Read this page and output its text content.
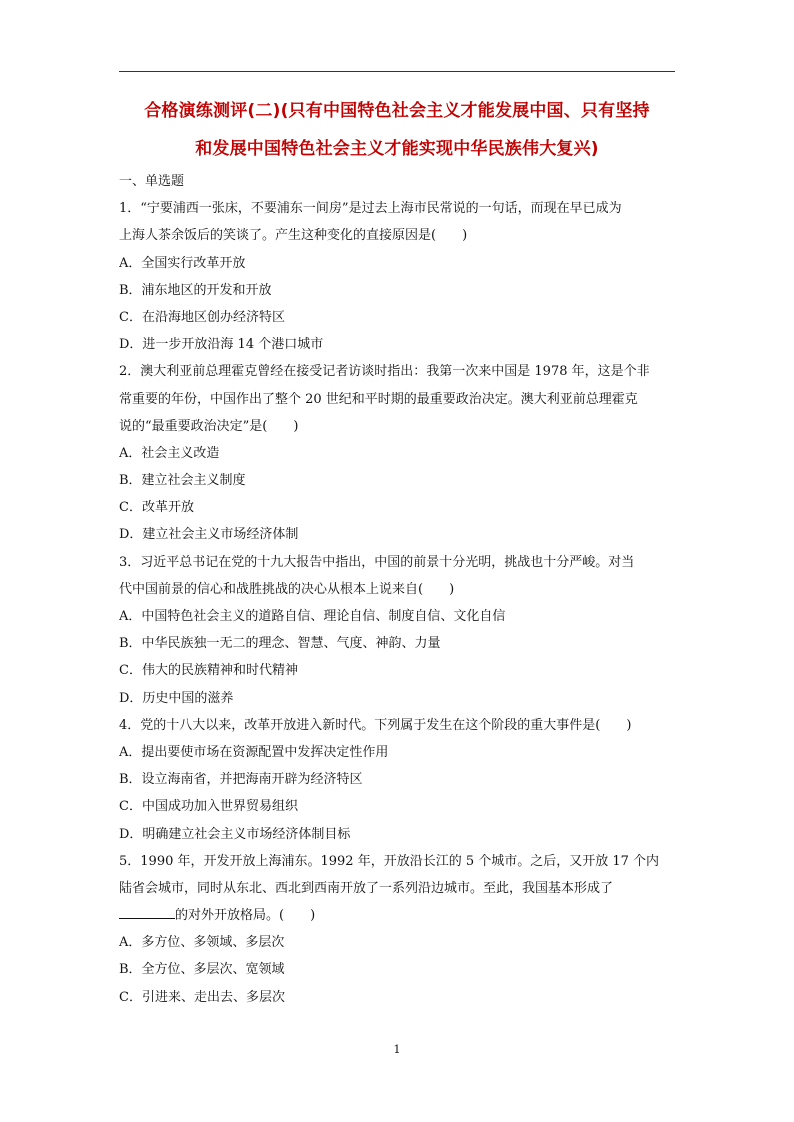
合格演练测评(二)(只有中国特色社会主义才能发展中国、只有坚持
和发展中国特色社会主义才能实现中华民族伟大复兴)
一、单选题
1．“宁要浦西一张床，不要浦东一间房”是过去上海市民常说的一句话，而现在早已成为
上海人茶余饭后的笑谈了。产生这种变化的直接原因是(　　)
A．全国实行改革开放
B．浦东地区的开发和开放
C．在沿海地区创办经济特区
D．进一步开放沿海 14 个港口城市
2．澳大利亚前总理霍克曾经在接受记者访谈时指出：我第一次来中国是 1978 年，这是个非
常重要的年份，中国作出了整个 20 世纪和平时期的最重要政治决定。澳大利亚前总理霍克
说的“最重要政治决定”是(　　)
A．社会主义改造
B．建立社会主义制度
C．改革开放
D．建立社会主义市场经济体制
3．习近平总书记在党的十九大报告中指出，中国的前景十分光明，挑战也十分严峻。对当
代中国前景的信心和战胜挑战的决心从根本上说来自(　　)
A．中国特色社会主义的道路自信、理论自信、制度自信、文化自信
B．中华民族独一无二的理念、智慧、气度、神韵、力量
C．伟大的民族精神和时代精神
D．历史中国的滋养
4．党的十八大以来，改革开放进入新时代。下列属于发生在这个阶段的重大事件是(　　)
A．提出要使市场在资源配置中发挥决定性作用
B．设立海南省，并把海南开辟为经济特区
C．中国成功加入世界贸易组织
D．明确建立社会主义市场经济体制目标
5．1990 年，开发开放上海浦东。1992 年，开放沿长江的 5 个城市。之后，又开放 17 个内
陆省会城市，同时从东北、西北到西南开放了一系列沿边城市。至此，我国基本形成了
的对外开放格局。(　　)
A．多方位、多领域、多层次
B．全方位、多层次、宽领域
C．引进来、走出去、多层次
1
